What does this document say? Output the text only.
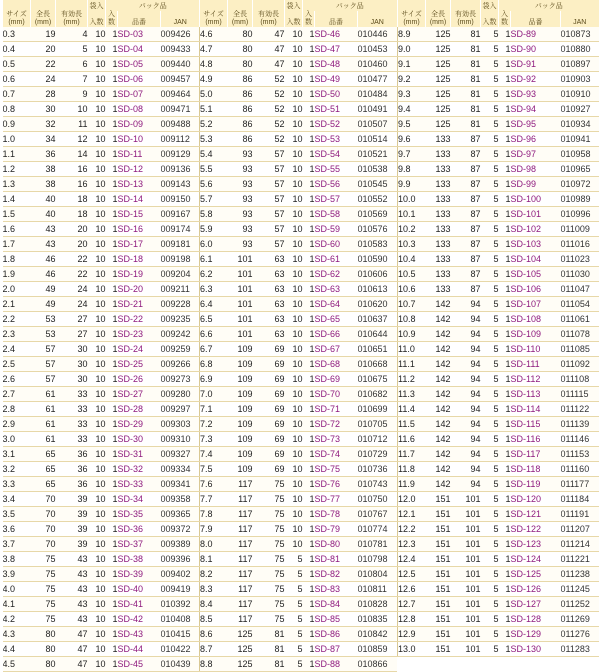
サイズ
(mm)	全長
(mm)	有効長
(mm)	袋入	パック品		
			入数	入数	品番	JAN
0.3	19	4	10	1	SD-03	009426
0.4	20	5	10	1	SD-04	009433
0.5	22	6	10	1	SD-05	009440
0.6	24	7	10	1	SD-06	009457
0.7	28	9	10	1	SD-07	009464
0.8	30	10	10	1	SD-08	009471
0.9	32	11	10	1	SD-09	009488
1.0	34	12	10	1	SD-10	009112
1.1	36	14	10	1	SD-11	009129
1.2	38	16	10	1	SD-12	009136
1.3	38	16	10	1	SD-13	009143
1.4	40	18	10	1	SD-14	009150
1.5	40	18	10	1	SD-15	009167
1.6	43	20	10	1	SD-16	009174
1.7	43	20	10	1	SD-17	009181
1.8	46	22	10	1	SD-18	009198
1.9	46	22	10	1	SD-19	009204
2.0	49	24	10	1	SD-20	009211
2.1	49	24	10	1	SD-21	009228
2.2	53	27	10	1	SD-22	009235
2.3	53	27	10	1	SD-23	009242
2.4	57	30	10	1	SD-24	009259
2.5	57	30	10	1	SD-25	009266
2.6	57	30	10	1	SD-26	009273
2.7	61	33	10	1	SD-27	009280
2.8	61	33	10	1	SD-28	009297
2.9	61	33	10	1	SD-29	009303
3.0	61	33	10	1	SD-30	009310
3.1	65	36	10	1	SD-31	009327
3.2	65	36	10	1	SD-32	009334
3.3	65	36	10	1	SD-33	009341
3.4	70	39	10	1	SD-34	009358
3.5	70	39	10	1	SD-35	009365
3.6	70	39	10	1	SD-36	009372
3.7	70	39	10	1	SD-37	009389
3.8	75	43	10	1	SD-38	009396
3.9	75	43	10	1	SD-39	009402
4.0	75	43	10	1	SD-40	009419
4.1	75	43	10	1	SD-41	010392
4.2	75	43	10	1	SD-42	010408
4.3	80	47	10	1	SD-43	010415
4.4	80	47	10	1	SD-44	010422
4.5	80	47	10	1	SD-45	010439
サイズ
(mm)	全長
(mm)	有効長
(mm)	袋入	パック品		
			入数	入数	品番	JAN
4.6	80	47	10	1	SD-46	010446
4.7	80	47	10	1	SD-47	010453
4.8	80	47	10	1	SD-48	010460
4.9	86	52	10	1	SD-49	010477
5.0	86	52	10	1	SD-50	010484
5.1	86	52	10	1	SD-51	010491
5.2	86	52	10	1	SD-52	010507
5.3	86	52	10	1	SD-53	010514
5.4	93	57	10	1	SD-54	010521
5.5	93	57	10	1	SD-55	010538
5.6	93	57	10	1	SD-56	010545
5.7	93	57	10	1	SD-57	010552
5.8	93	57	10	1	SD-58	010569
5.9	93	57	10	1	SD-59	010576
6.0	93	57	10	1	SD-60	010583
6.1	101	63	10	1	SD-61	010590
6.2	101	63	10	1	SD-62	010606
6.3	101	63	10	1	SD-63	010613
6.4	101	63	10	1	SD-64	010620
6.5	101	63	10	1	SD-65	010637
6.6	101	63	10	1	SD-66	010644
6.7	109	69	10	1	SD-67	010651
6.8	109	69	10	1	SD-68	010668
6.9	109	69	10	1	SD-69	010675
7.0	109	69	10	1	SD-70	010682
7.1	109	69	10	1	SD-71	010699
7.2	109	69	10	1	SD-72	010705
7.3	109	69	10	1	SD-73	010712
7.4	109	69	10	1	SD-74	010729
7.5	109	69	10	1	SD-75	010736
7.6	117	75	10	1	SD-76	010743
7.7	117	75	10	1	SD-77	010750
7.8	117	75	10	1	SD-78	010767
7.9	117	75	10	1	SD-79	010774
8.0	117	75	10	1	SD-80	010781
8.1	117	75	5	1	SD-81	010798
8.2	117	75	5	1	SD-82	010804
8.3	117	75	5	1	SD-83	010811
8.4	117	75	5	1	SD-84	010828
8.5	117	75	5	1	SD-85	010835
8.6	125	81	5	1	SD-86	010842
8.7	125	81	5	1	SD-87	010859
8.8	125	81	5	1	SD-88	010866
サイズ
(mm)	全長
(mm)	有効長
(mm)	袋入	パック品		
			入数	入数	品番	JAN
8.9	125	81	5	1	SD-89	010873
9.0	125	81	5	1	SD-90	010880
9.1	125	81	5	1	SD-91	010897
9.2	125	81	5	1	SD-92	010903
9.3	125	81	5	1	SD-93	010910
9.4	125	81	5	1	SD-94	010927
9.5	125	81	5	1	SD-95	010934
9.6	133	87	5	1	SD-96	010941
9.7	133	87	5	1	SD-97	010958
9.8	133	87	5	1	SD-98	010965
9.9	133	87	5	1	SD-99	010972
10.0	133	87	5	1	SD-100	010989
10.1	133	87	5	1	SD-101	010996
10.2	133	87	5	1	SD-102	011009
10.3	133	87	5	1	SD-103	011016
10.4	133	87	5	1	SD-104	011023
10.5	133	87	5	1	SD-105	011030
10.6	133	87	5	1	SD-106	011047
10.7	142	94	5	1	SD-107	011054
10.8	142	94	5	1	SD-108	011061
10.9	142	94	5	1	SD-109	011078
11.0	142	94	5	1	SD-110	011085
11.1	142	94	5	1	SD-111	011092
11.2	142	94	5	1	SD-112	011108
11.3	142	94	5	1	SD-113	011115
11.4	142	94	5	1	SD-114	011122
11.5	142	94	5	1	SD-115	011139
11.6	142	94	5	1	SD-116	011146
11.7	142	94	5	1	SD-117	011153
11.8	142	94	5	1	SD-118	011160
11.9	142	94	5	1	SD-119	011177
12.0	151	101	5	1	SD-120	011184
12.1	151	101	5	1	SD-121	011191
12.2	151	101	5	1	SD-122	011207
12.3	151	101	5	1	SD-123	011214
12.4	151	101	5	1	SD-124	011221
12.5	151	101	5	1	SD-125	011238
12.6	151	101	5	1	SD-126	011245
12.7	151	101	5	1	SD-127	011252
12.8	151	101	5	1	SD-128	011269
12.9	151	101	5	1	SD-129	011276
13.0	151	101	5	1	SD-130	011283
